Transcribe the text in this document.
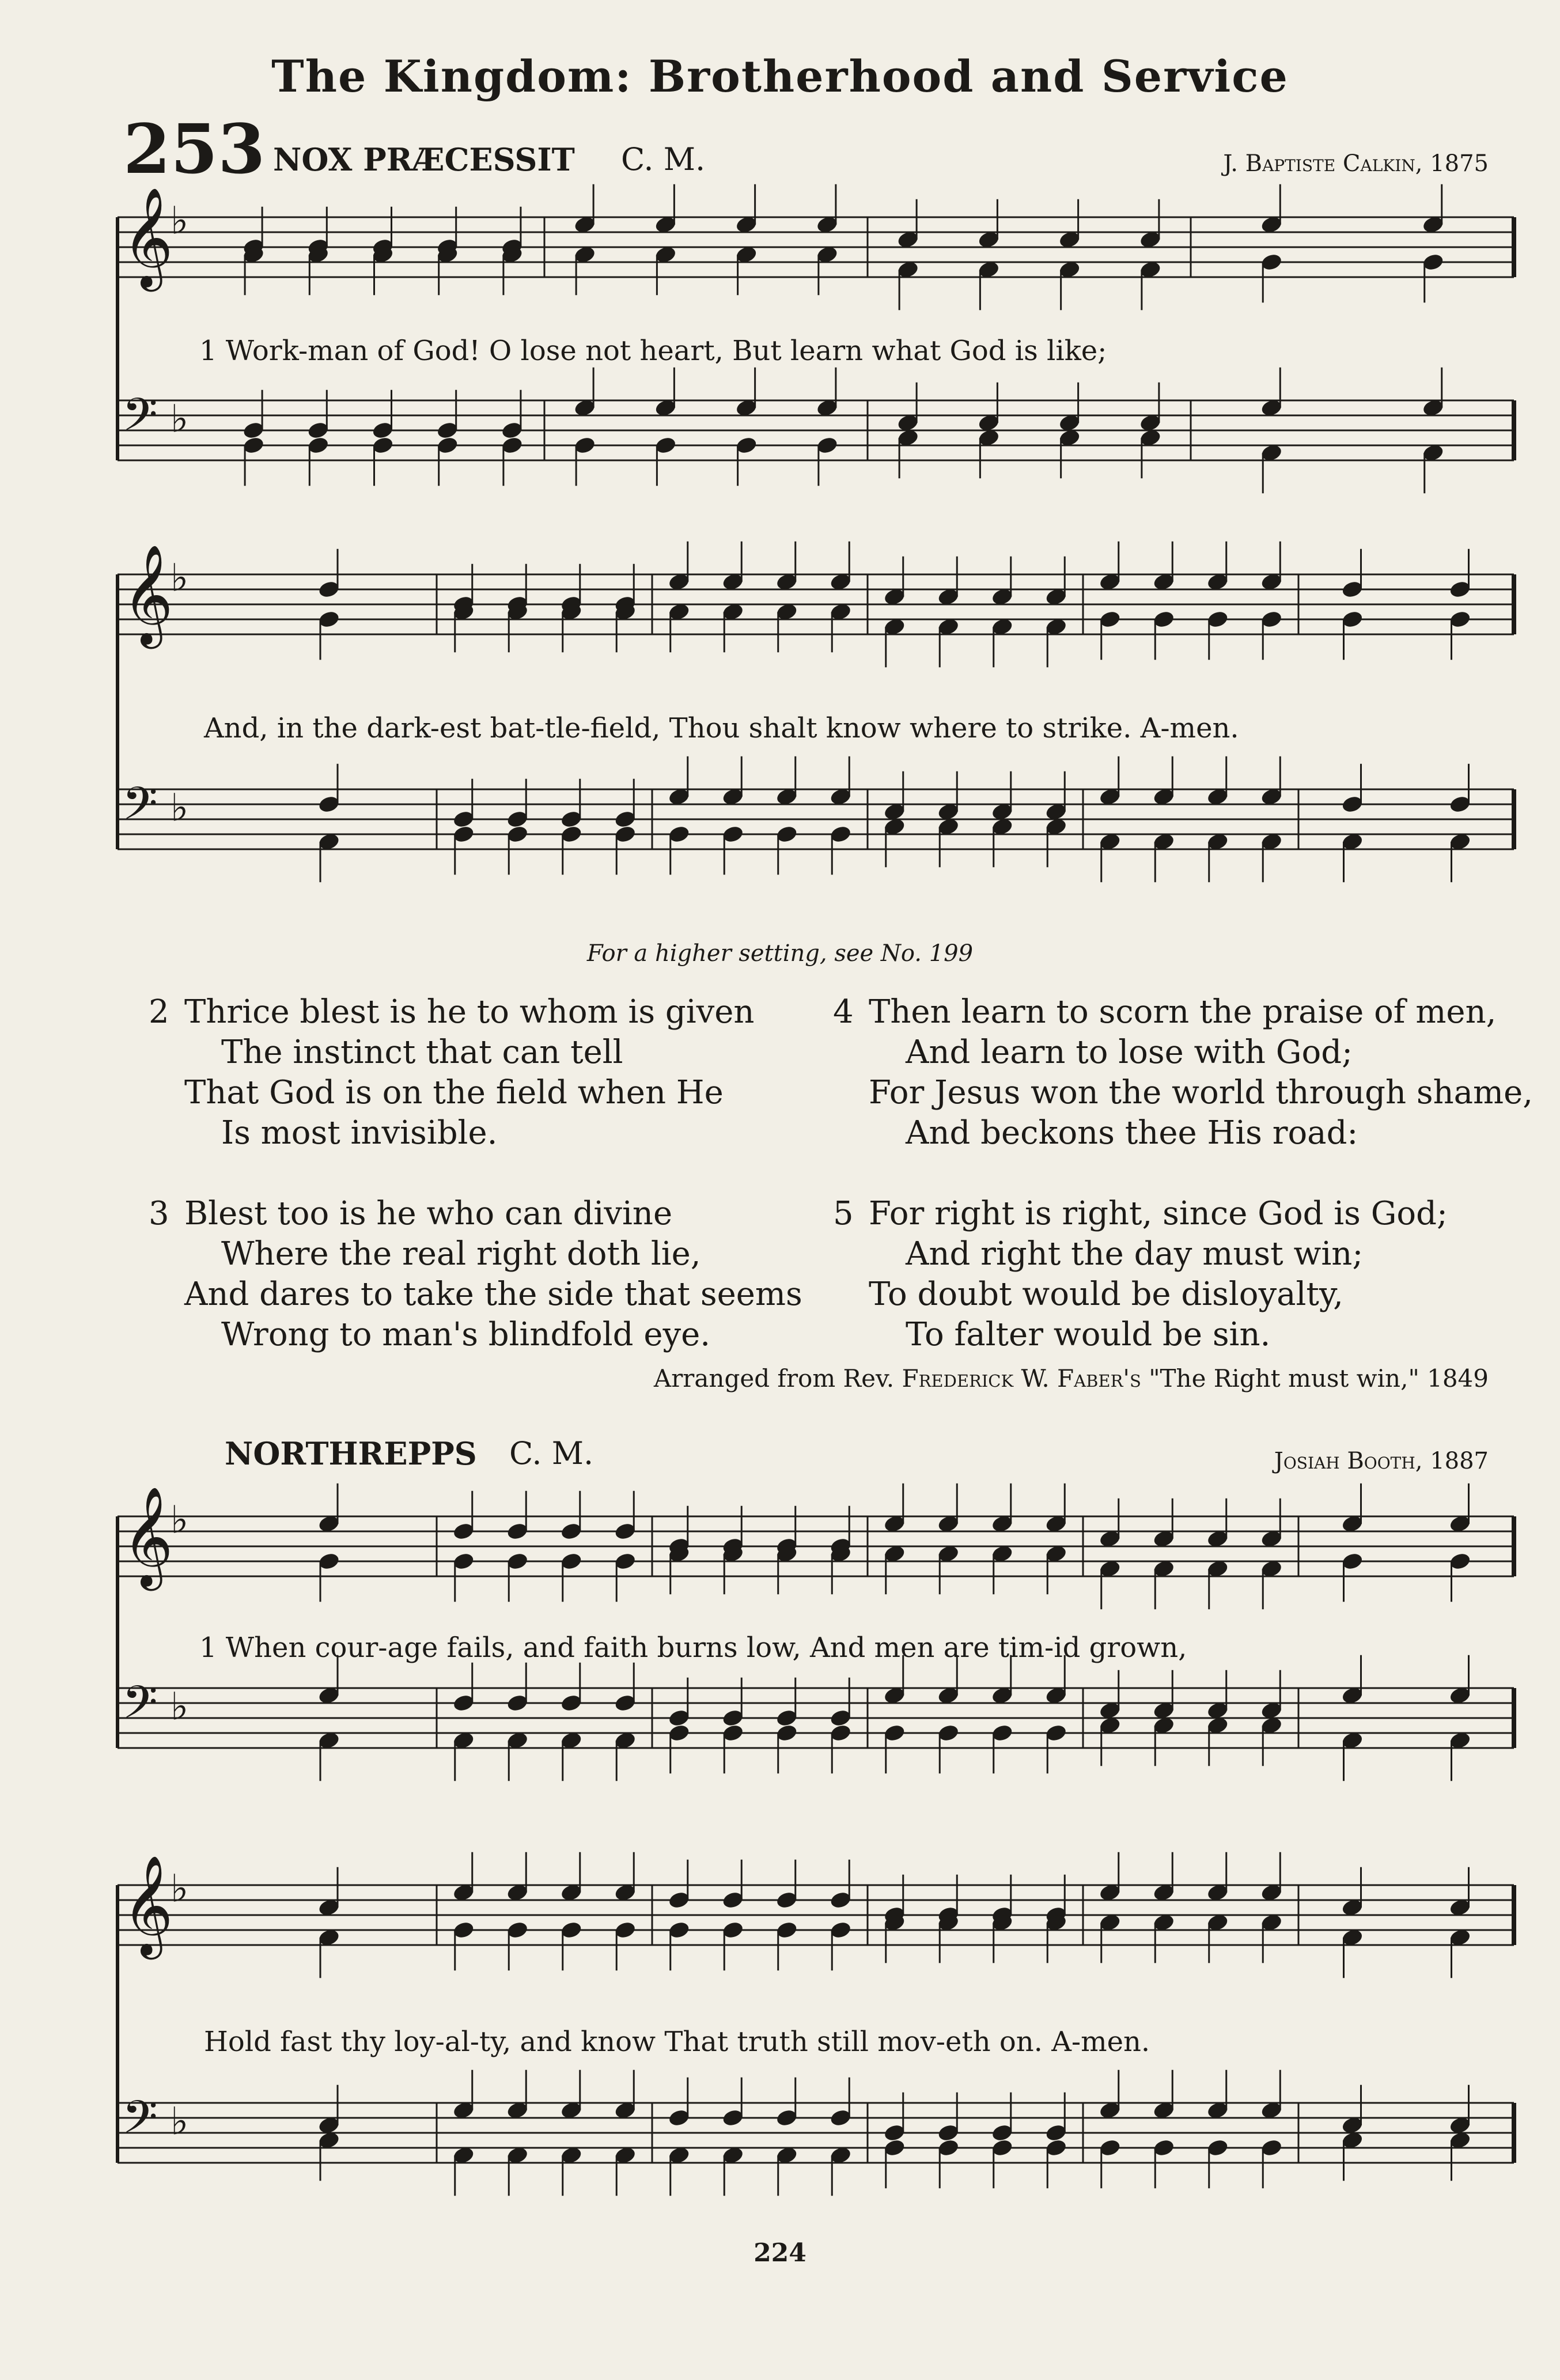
The Kingdom: Brotherhood and Service
253 NOX PRÆCESSIT C. M.	J. Baptiste Calkin, 1875
𝄞
♭
𝄢 ♭
1 Work-man of God! O lose not heart, But learn what God is like;
𝄞
♭
𝄢 ♭
And, in the dark-est bat-tle-field, Thou shalt know where to strike. A-men.
For a higher setting, see No. 199
2 Thrice blest is he to whom is given
The instinct that can tell
That God is on the field when He
Is most invisible.
3 Blest too is he who can divine
Where the real right doth lie,
And dares to take the side that seems
Wrong to man's blindfold eye.
4 Then learn to scorn the praise of men,
And learn to lose with God;
For Jesus won the world through shame,
And beckons thee His road:
5 For right is right, since God is God;
And right the day must win;
To doubt would be disloyalty,
To falter would be sin.
Arranged from Rev. Frederick W. Faber's "The Right must win," 1849
NORTHREPPS C. M.	Josiah Booth, 1887
𝄞
♭
𝄢 ♭
1 When cour-age fails, and faith burns low, And men are tim-id grown,
𝄞
♭
𝄢 ♭
Hold fast thy loy-al-ty, and know That truth still mov-eth on. A-men.
224
